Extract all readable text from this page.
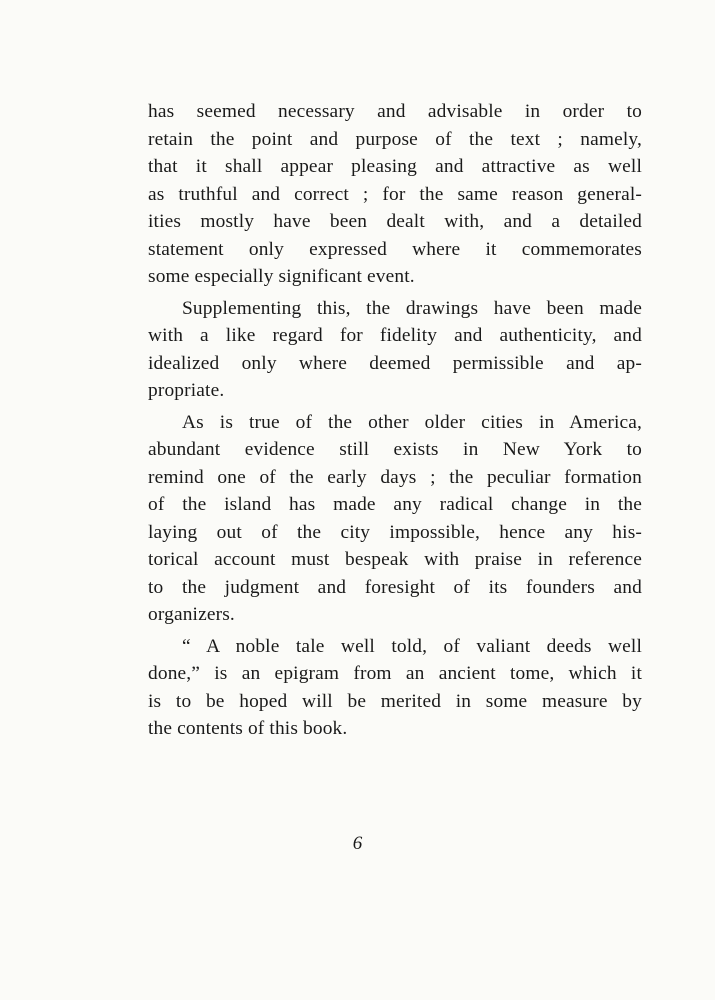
has seemed necessary and advisable in order to
retain the point and purpose of the text ; namely,
that it shall appear pleasing and attractive as well
as truthful and correct ; for the same reason general-
ities mostly have been dealt with, and a detailed
statement only expressed where it commemorates
some especially significant event.
Supplementing this, the drawings have been made
with a like regard for fidelity and authenticity, and
idealized only where deemed permissible and ap-
propriate.
As is true of the other older cities in America,
abundant evidence still exists in New York to
remind one of the early days ; the peculiar formation
of the island has made any radical change in the
laying out of the city impossible, hence any his-
torical account must bespeak with praise in reference
to the judgment and foresight of its founders and
organizers.
“ A noble tale well told, of valiant deeds well
done,” is an epigram from an ancient tome, which it
is to be hoped will be merited in some measure by
the contents of this book.
6
